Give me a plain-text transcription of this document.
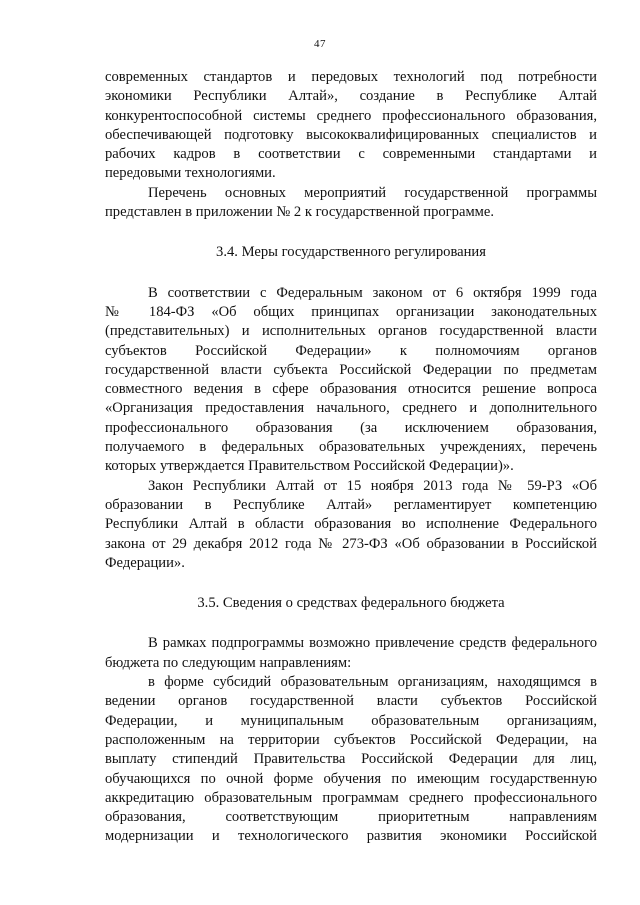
47
современных стандартов и передовых технологий под потребности
экономики Республики Алтай», создание в Республике Алтай
конкурентоспособной системы среднего профессионального образования,
обеспечивающей подготовку высококвалифицированных специалистов и
рабочих кадров в соответствии с современными стандартами и
передовыми технологиями.
Перечень основных мероприятий государственной программы
представлен в приложении № 2 к государственной программе.
3.4. Меры государственного регулирования
В соответствии с Федеральным законом от 6 октября 1999 года
№ 184-ФЗ «Об общих принципах организации законодательных
(представительных) и исполнительных органов государственной власти
субъектов Российской Федерации» к полномочиям органов
государственной власти субъекта Российской Федерации по предметам
совместного ведения в сфере образования относится решение вопроса
«Организация предоставления начального, среднего и дополнительного
профессионального образования (за исключением образования,
получаемого в федеральных образовательных учреждениях, перечень
которых утверждается Правительством Российской Федерации)».
Закон Республики Алтай от 15 ноября 2013 года № 59-РЗ «Об
образовании в Республике Алтай» регламентирует компетенцию
Республики Алтай в области образования во исполнение Федерального
закона от 29 декабря 2012 года № 273-ФЗ «Об образовании в Российской
Федерации».
3.5. Сведения о средствах федерального бюджета
В рамках подпрограммы возможно привлечение средств федерального
бюджета по следующим направлениям:
в форме субсидий образовательным организациям, находящимся в
ведении органов государственной власти субъектов Российской
Федерации, и муниципальным образовательным организациям,
расположенным на территории субъектов Российской Федерации, на
выплату стипендий Правительства Российской Федерации для лиц,
обучающихся по очной форме обучения по имеющим государственную
аккредитацию образовательным программам среднего профессионального
образования, соответствующим приоритетным направлениям
модернизации и технологического развития экономики Российской
